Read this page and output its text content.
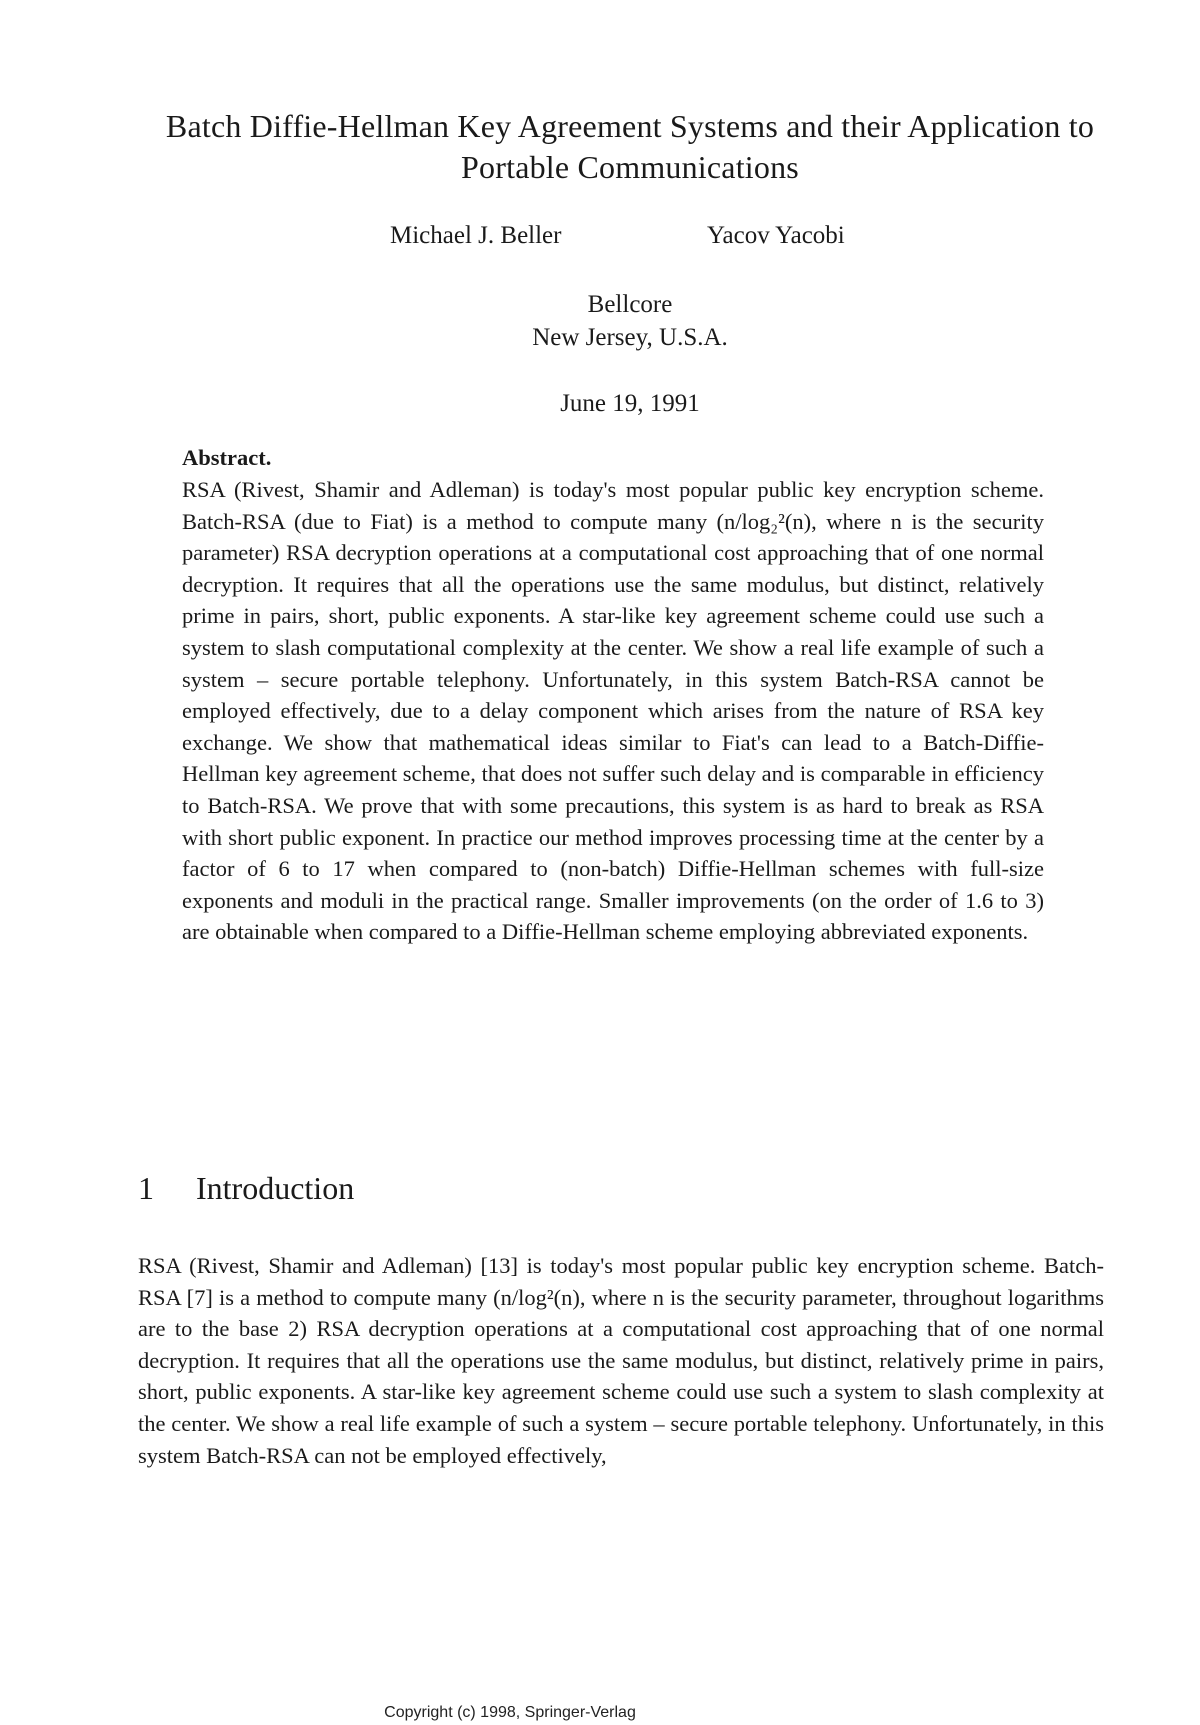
Batch Diffie-Hellman Key Agreement Systems and their Application to Portable Communications
Michael J. Beller	Yacov Yacobi
Bellcore
New Jersey, U.S.A.
June 19, 1991
Abstract.
RSA (Rivest, Shamir and Adleman) is today's most popular public key encryption scheme. Batch-RSA (due to Fiat) is a method to compute many (n/log₂²(n), where n is the security parameter) RSA decryption operations at a computational cost approaching that of one normal decryption. It requires that all the operations use the same modulus, but distinct, relatively prime in pairs, short, public exponents. A star-like key agreement scheme could use such a system to slash computational complexity at the center. We show a real life example of such a system – secure portable telephony. Unfortunately, in this system Batch-RSA cannot be employed effectively, due to a delay component which arises from the nature of RSA key exchange. We show that mathematical ideas similar to Fiat's can lead to a Batch-Diffie-Hellman key agreement scheme, that does not suffer such delay and is comparable in efficiency to Batch-RSA. We prove that with some precautions, this system is as hard to break as RSA with short public exponent. In practice our method improves processing time at the center by a factor of 6 to 17 when compared to (non-batch) Diffie-Hellman schemes with full-size exponents and moduli in the practical range. Smaller improvements (on the order of 1.6 to 3) are obtainable when compared to a Diffie-Hellman scheme employing abbreviated exponents.
1 Introduction
RSA (Rivest, Shamir and Adleman) [13] is today's most popular public key encryption scheme. Batch-RSA [7] is a method to compute many (n/log²(n), where n is the security parameter, throughout logarithms are to the base 2) RSA decryption operations at a computational cost approaching that of one normal decryption. It requires that all the operations use the same modulus, but distinct, relatively prime in pairs, short, public exponents. A star-like key agreement scheme could use such a system to slash complexity at the center. We show a real life example of such a system – secure portable telephony. Unfortunately, in this system Batch-RSA can not be employed effectively,
Copyright (c) 1998, Springer-Verlag
